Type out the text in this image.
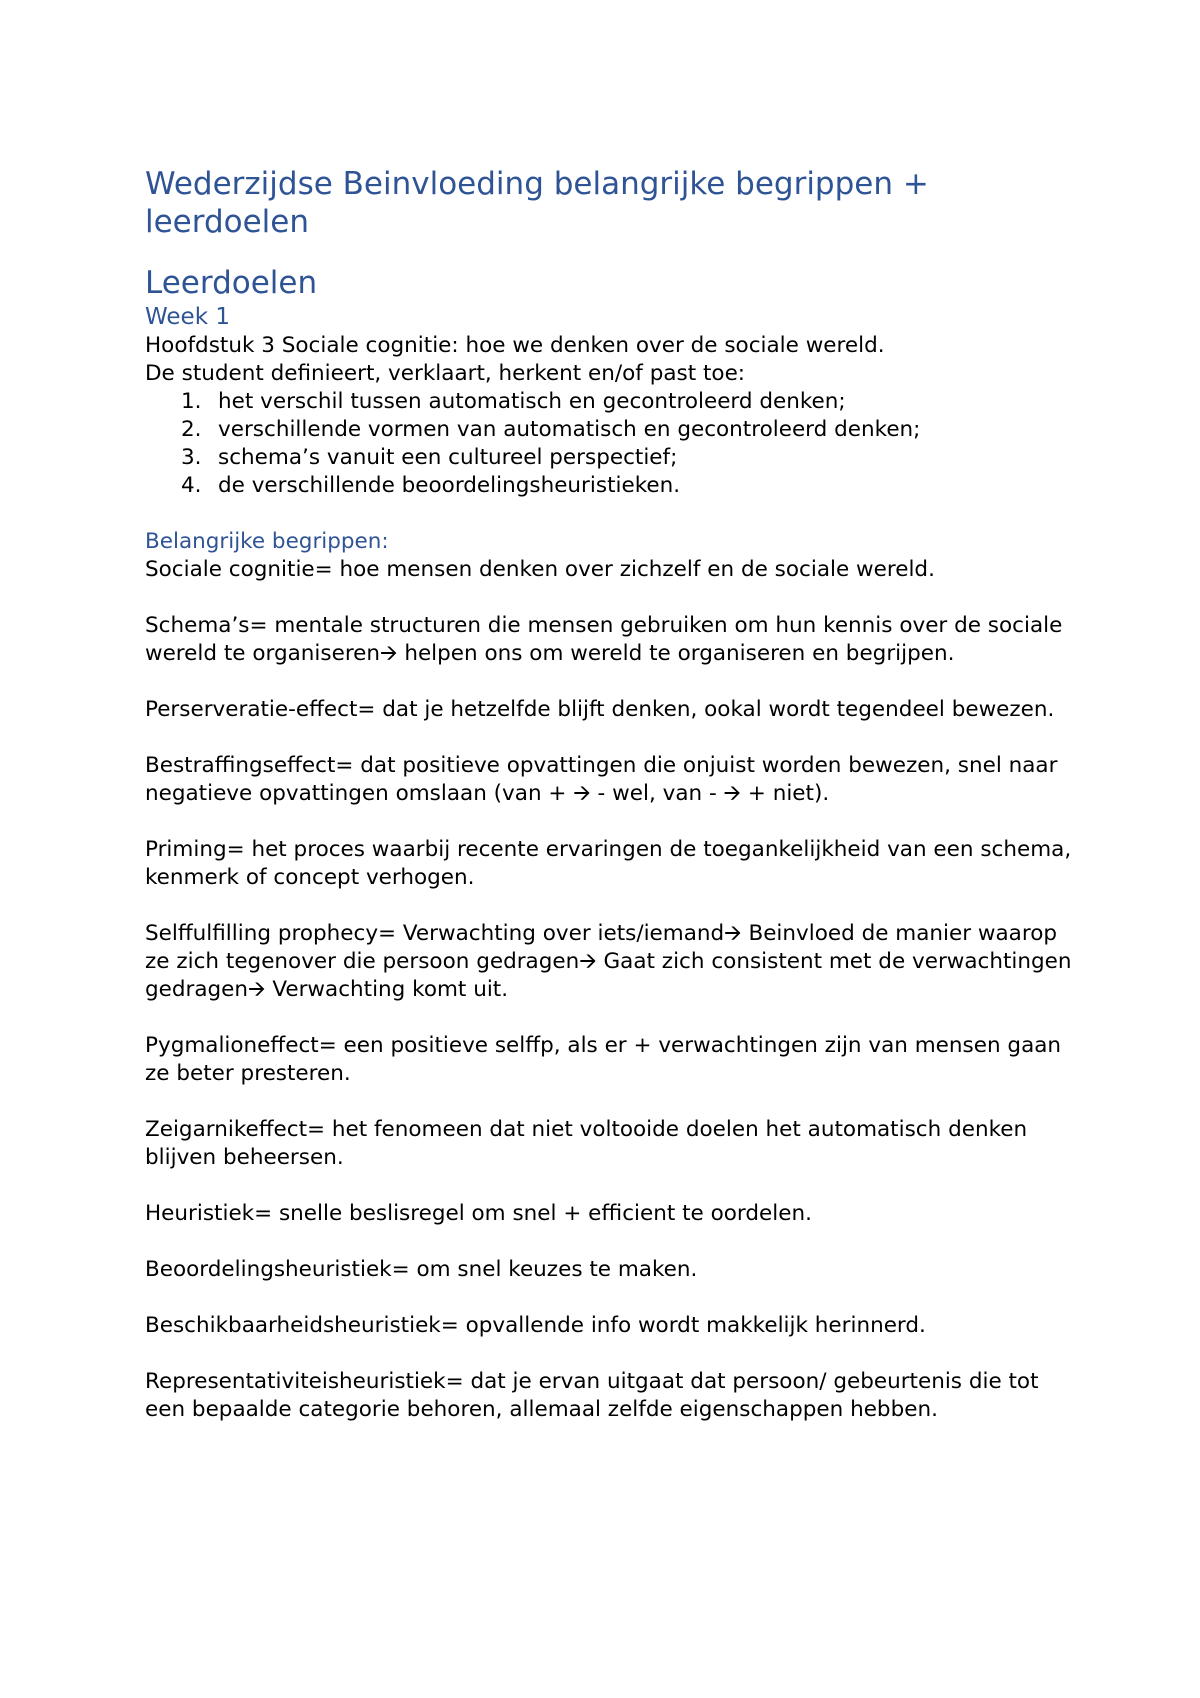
Wederzijdse Beinvloeding belangrijke begrippen + leerdoelen
Leerdoelen
Week 1

Hoofdstuk 3 Sociale cognitie: hoe we denken over de sociale wereld.

De student definieert, verklaart, herkent en/of past toe:

1. het verschil tussen automatisch en gecontroleerd denken;
2. verschillende vormen van automatisch en gecontroleerd denken;
3. schema’s vanuit een cultureel perspectief;
4. de verschillende beoordelingsheuristieken.
Belangrijke begrippen:

Sociale cognitie= hoe mensen denken over zichzelf en de sociale wereld.

Schema’s= mentale structuren die mensen gebruiken om hun kennis over de sociale wereld te organiseren🡪 helpen ons om wereld te organiseren en begrijpen.

Perserveratie-effect= dat je hetzelfde blijft denken, ookal wordt tegendeel bewezen.

Bestraffingseffect= dat positieve opvattingen die onjuist worden bewezen, snel naar negatieve opvattingen omslaan (van + 🡪 - wel, van - 🡪 + niet).

Priming= het proces waarbij recente ervaringen de toegankelijkheid van een schema, kenmerk of concept verhogen.

Selffulfilling prophecy= Verwachting over iets/iemand🡪 Beinvloed de manier waarop ze zich tegenover die persoon gedragen🡪 Gaat zich consistent met de verwachtingen gedragen🡪 Verwachting komt uit.

Pygmalioneffect= een positieve selffp, als er + verwachtingen zijn van mensen gaan ze beter presteren.

Zeigarnikeffect= het fenomeen dat niet voltooide doelen het automatisch denken blijven beheersen.

Heuristiek= snelle beslisregel om snel + efficient te oordelen.

Beoordelingsheuristiek= om snel keuzes te maken.

Beschikbaarheidsheuristiek= opvallende info wordt makkelijk herinnerd.

Representativiteisheuristiek= dat je ervan uitgaat dat persoon/ gebeurtenis die tot een bepaalde categorie behoren, allemaal zelfde eigenschappen hebben.
